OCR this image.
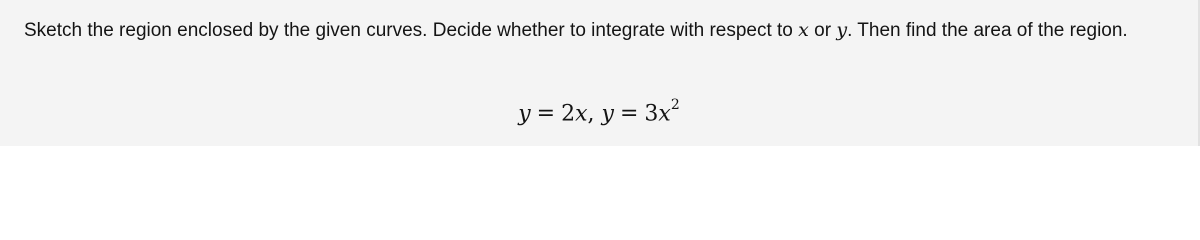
Sketch the region enclosed by the given curves. Decide whether to integrate with respect to x or y. Then find the area of the region.

y = 2x, $y = 3x^2$
